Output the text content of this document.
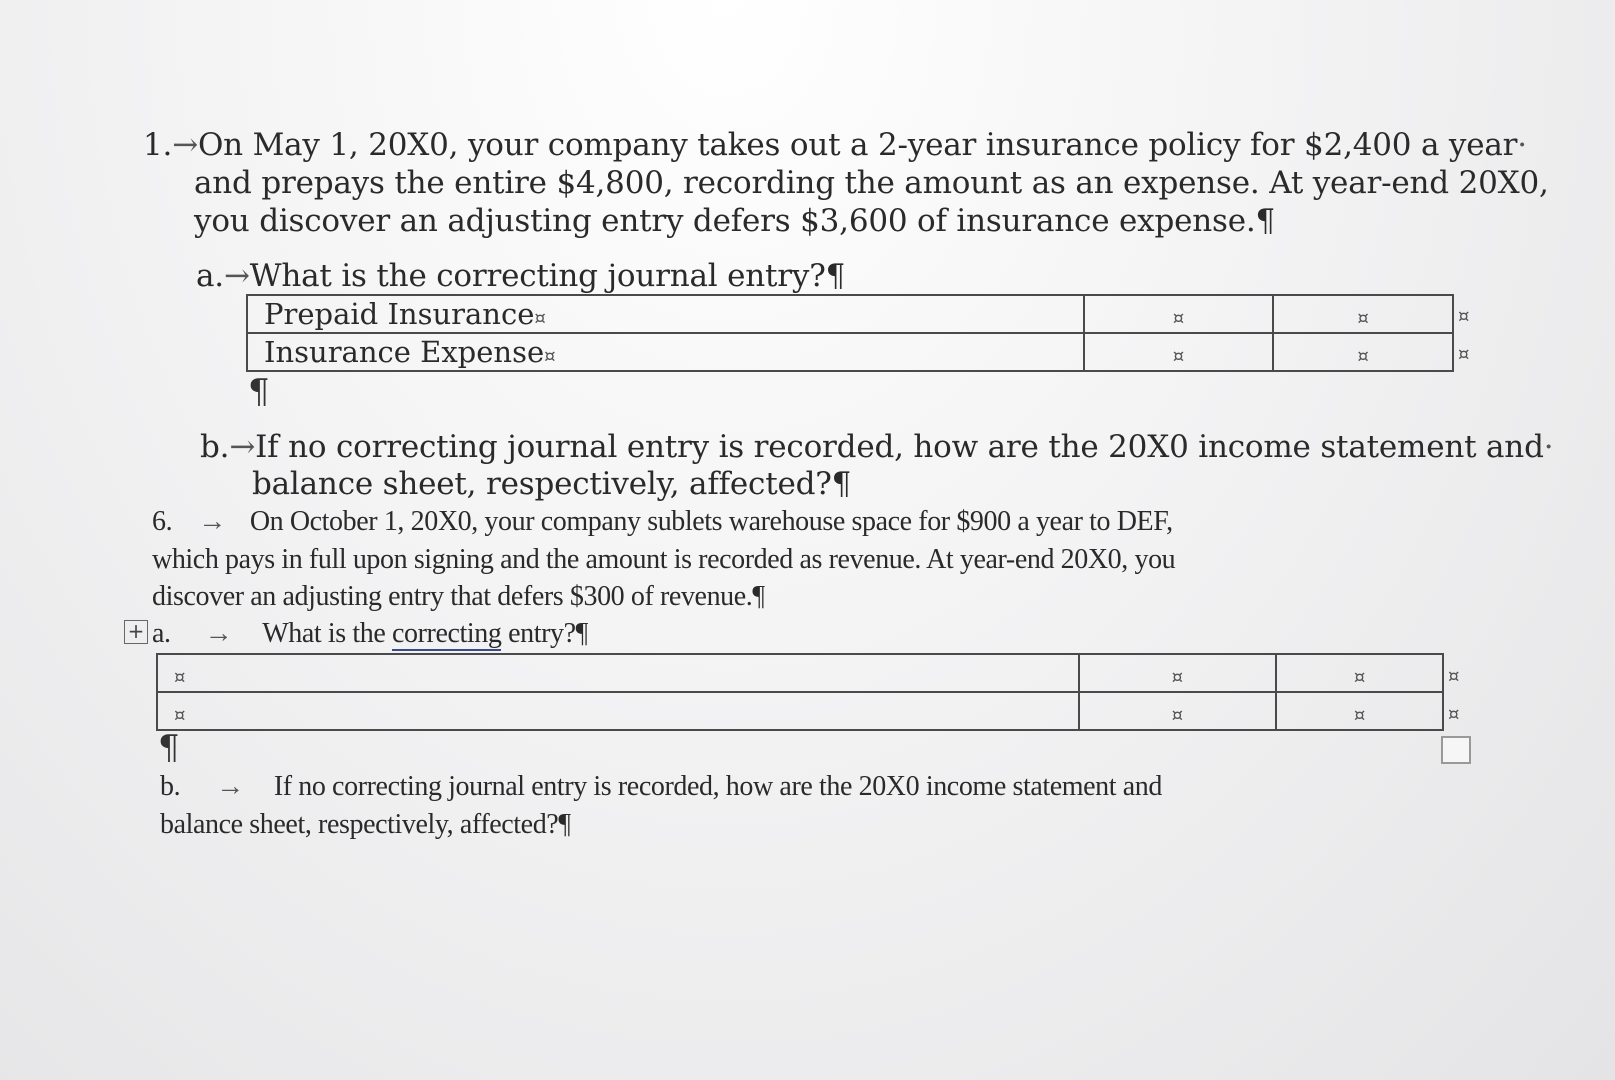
1.→On May 1, 20X0, your company takes out a 2-year insurance policy for $2,400 a year·
and prepays the entire $4,800, recording the amount as an expense. At year-end 20X0,
you discover an adjusting entry defers $3,600 of insurance expense.¶
a.→What is the correcting journal entry?¶
Prepaid Insurance¤	¤	¤
Insurance Expense¤	¤	¤
¤
¤
¶
b.→If no correcting journal entry is recorded, how are the 20X0 income statement and·
balance sheet, respectively, affected?¶
6. → On October 1, 20X0, your company sublets warehouse space for $900 a year to DEF,
which pays in full upon signing and the amount is recorded as revenue. At year-end 20X0, you
discover an adjusting entry that defers $300 of revenue.¶
+ a. → What is the correcting entry?¶
¤	¤	¤
¤	¤	¤
¤
¤
¶
b. → If no correcting journal entry is recorded, how are the 20X0 income statement and
balance sheet, respectively, affected?¶
